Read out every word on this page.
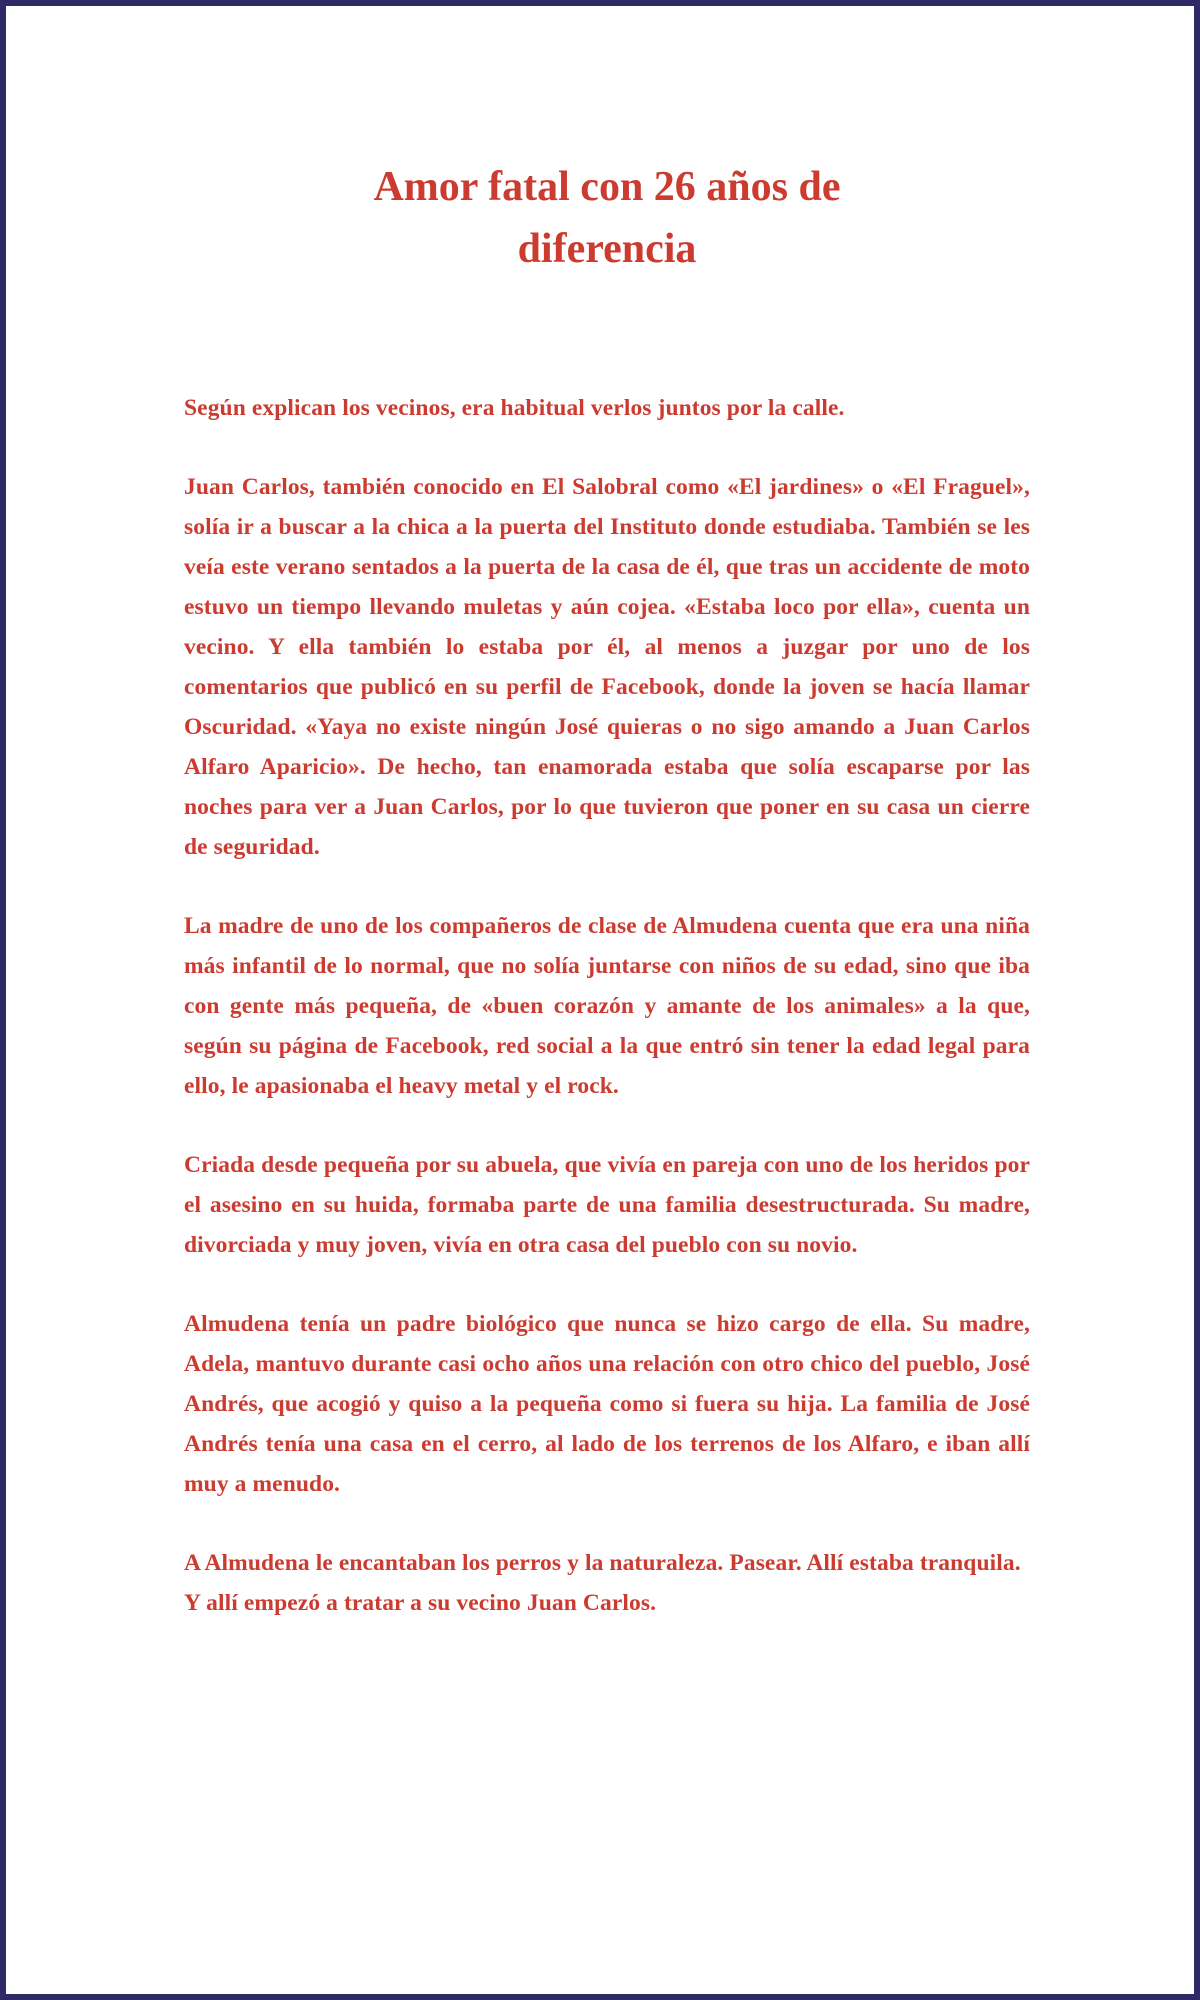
Amor fatal con 26 años de
diferencia

Según explican los vecinos, era habitual verlos juntos por la calle.

Juan Carlos, también conocido en El Salobral como «El jardines» o «El Fraguel», solía ir a buscar a la chica a la puerta del Instituto donde estudiaba. También se les veía este verano sentados a la puerta de la casa de él, que tras un accidente de moto estuvo un tiempo llevando muletas y aún cojea. «Estaba loco por ella», cuenta un vecino. Y ella también lo estaba por él, al menos a juzgar por uno de los comentarios que publicó en su perfil de Facebook, donde la joven se hacía llamar Oscuridad. «Yaya no existe ningún José quieras o no sigo amando a Juan Carlos Alfaro Aparicio». De hecho, tan enamorada estaba que solía escaparse por las noches para ver a Juan Carlos, por lo que tuvieron que poner en su casa un cierre de seguridad.

La madre de uno de los compañeros de clase de Almudena cuenta que era una niña más infantil de lo normal, que no solía juntarse con niños de su edad, sino que iba con gente más pequeña, de «buen corazón y amante de los animales» a la que, según su página de Facebook, red social a la que entró sin tener la edad legal para ello, le apasionaba el heavy metal y el rock.

Criada desde pequeña por su abuela, que vivía en pareja con uno de los heridos por el asesino en su huida, formaba parte de una familia desestructurada. Su madre, divorciada y muy joven, vivía en otra casa del pueblo con su novio.

Almudena tenía un padre biológico que nunca se hizo cargo de ella. Su madre, Adela, mantuvo durante casi ocho años una relación con otro chico del pueblo, José Andrés, que acogió y quiso a la pequeña como si fuera su hija. La familia de José Andrés tenía una casa en el cerro, al lado de los terrenos de los Alfaro, e iban allí muy a menudo.

A Almudena le encantaban los perros y la naturaleza. Pasear. Allí estaba tranquila. Y allí empezó a tratar a su vecino Juan Carlos.
